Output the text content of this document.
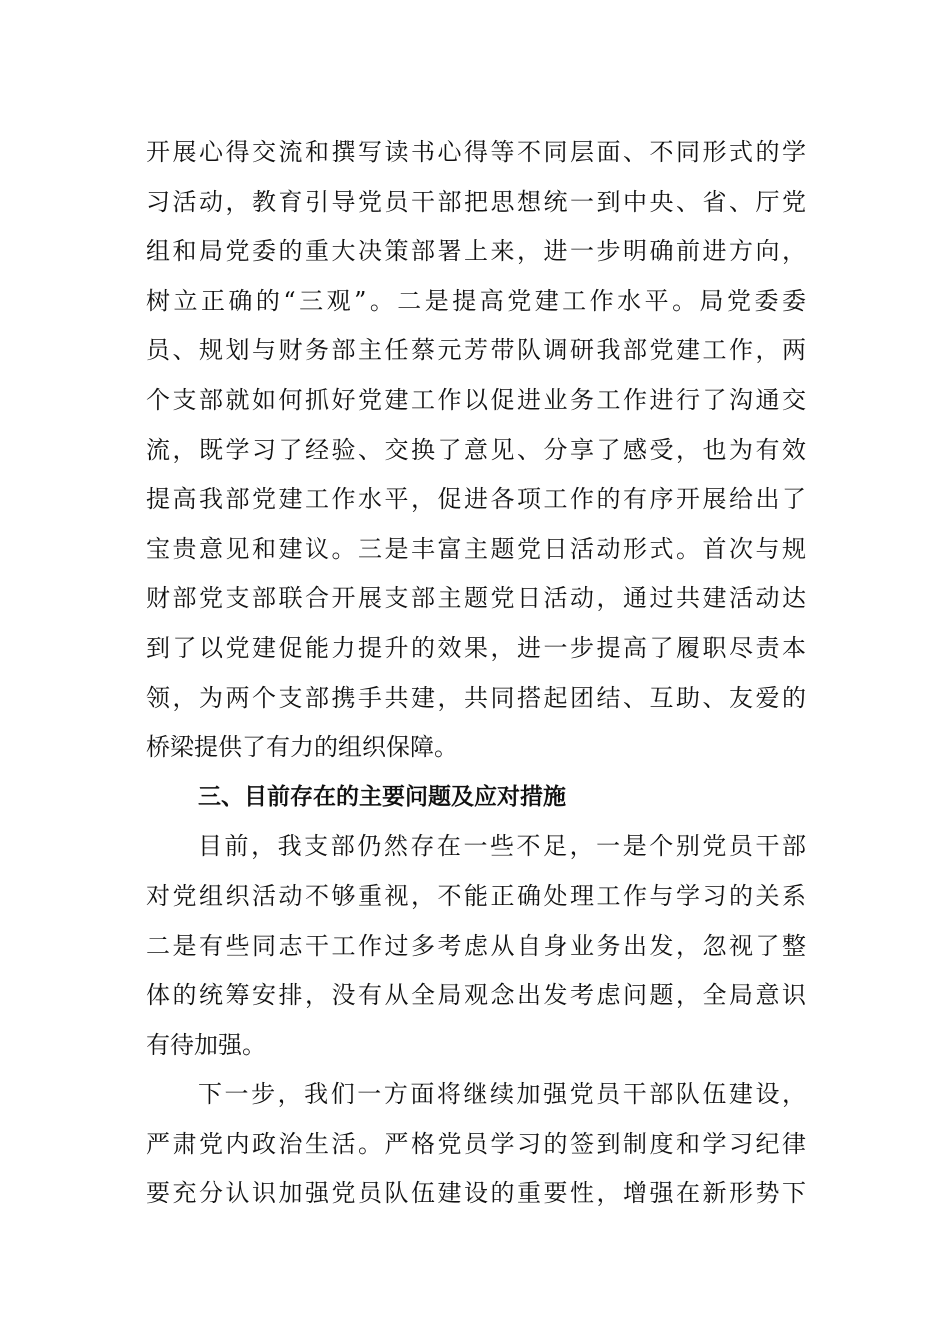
开展心得交流和撰写读书心得等不同层面、不同形式的学
习活动，教育引导党员干部把思想统一到中央、省、厅党
组和局党委的重大决策部署上来，进一步明确前进方向，
树立正确的“三观”。二是提高党建工作水平。局党委委
员、规划与财务部主任蔡元芳带队调研我部党建工作，两
个支部就如何抓好党建工作以促进业务工作进行了沟通交
流，既学习了经验、交换了意见、分享了感受，也为有效
提高我部党建工作水平，促进各项工作的有序开展给出了
宝贵意见和建议。三是丰富主题党日活动形式。首次与规
财部党支部联合开展支部主题党日活动，通过共建活动达
到了以党建促能力提升的效果，进一步提高了履职尽责本
领，为两个支部携手共建，共同搭起团结、互助、友爱的
桥梁提供了有力的组织保障。
三、目前存在的主要问题及应对措施
目前，我支部仍然存在一些不足，一是个别党员干部
对党组织活动不够重视，不能正确处理工作与学习的关系
二是有些同志干工作过多考虑从自身业务出发，忽视了整
体的统筹安排，没有从全局观念出发考虑问题，全局意识
有待加强。
下一步，我们一方面将继续加强党员干部队伍建设，
严肃党内政治生活。严格党员学习的签到制度和学习纪律
要充分认识加强党员队伍建设的重要性，增强在新形势下
